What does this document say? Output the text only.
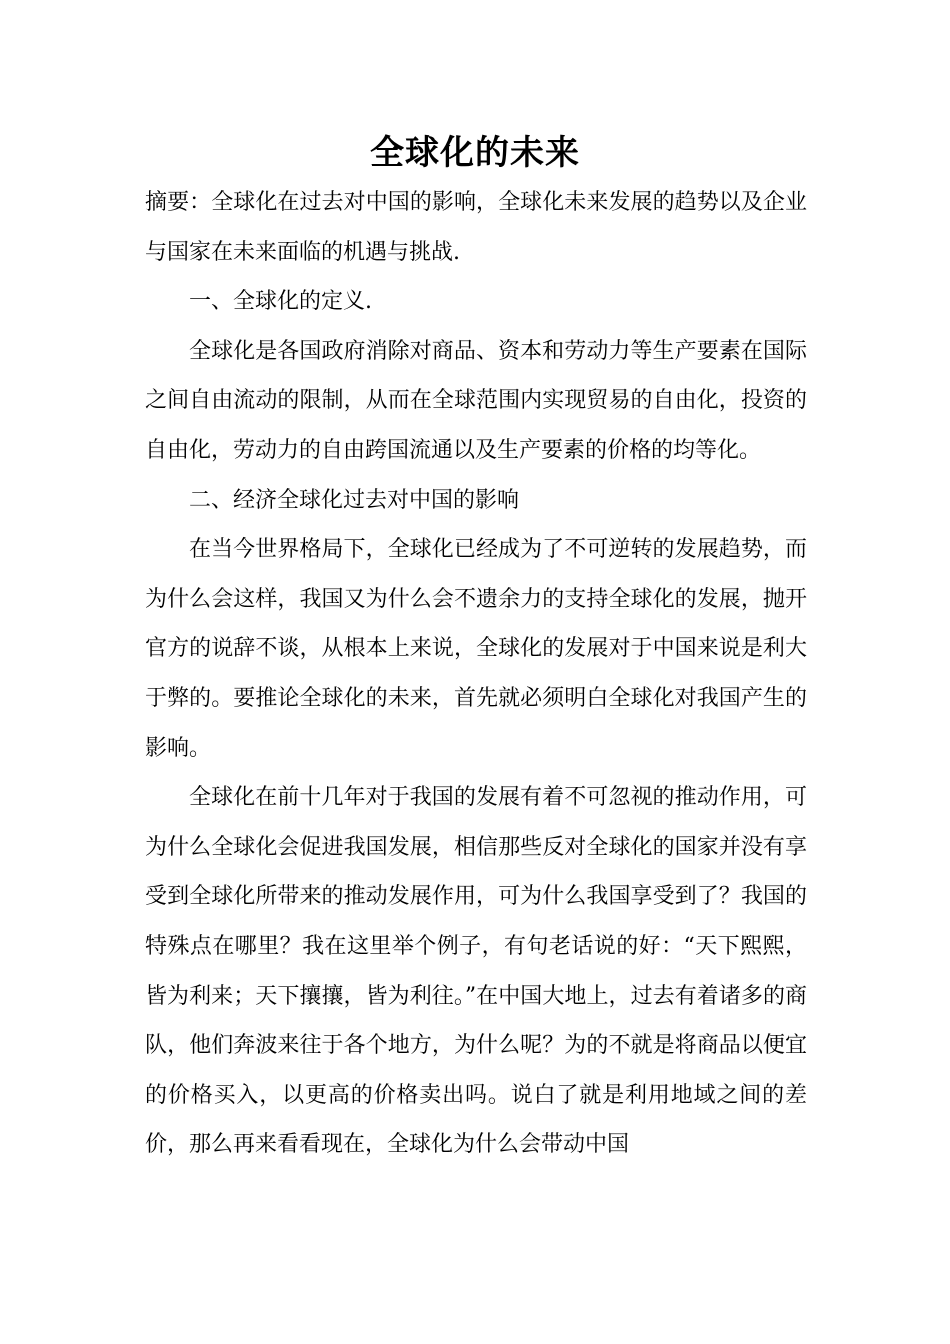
全球化的未来

摘要：全球化在过去对中国的影响，全球化未来发展的趋势以及企业与国家在未来面临的机遇与挑战.

一、全球化的定义.

全球化是各国政府消除对商品、资本和劳动力等生产要素在国际之间自由流动的限制，从而在全球范围内实现贸易的自由化，投资的自由化，劳动力的自由跨国流通以及生产要素的价格的均等化。

二、经济全球化过去对中国的影响

在当今世界格局下，全球化已经成为了不可逆转的发展趋势，而为什么会这样，我国又为什么会不遗余力的支持全球化的发展，抛开官方的说辞不谈，从根本上来说，全球化的发展对于中国来说是利大于弊的。要推论全球化的未来，首先就必须明白全球化对我国产生的影响。

全球化在前十几年对于我国的发展有着不可忽视的推动作用，可为什么全球化会促进我国发展，相信那些反对全球化的国家并没有享受到全球化所带来的推动发展作用，可为什么我国享受到了？我国的特殊点在哪里？我在这里举个例子，有句老话说的好：“天下熙熙，皆为利来；天下攘攘，皆为利往。”在中国大地上，过去有着诸多的商队，他们奔波来往于各个地方，为什么呢？为的不就是将商品以便宜的价格买入，以更高的价格卖出吗。说白了就是利用地域之间的差价，那么再来看看现在，全球化为什么会带动中国
